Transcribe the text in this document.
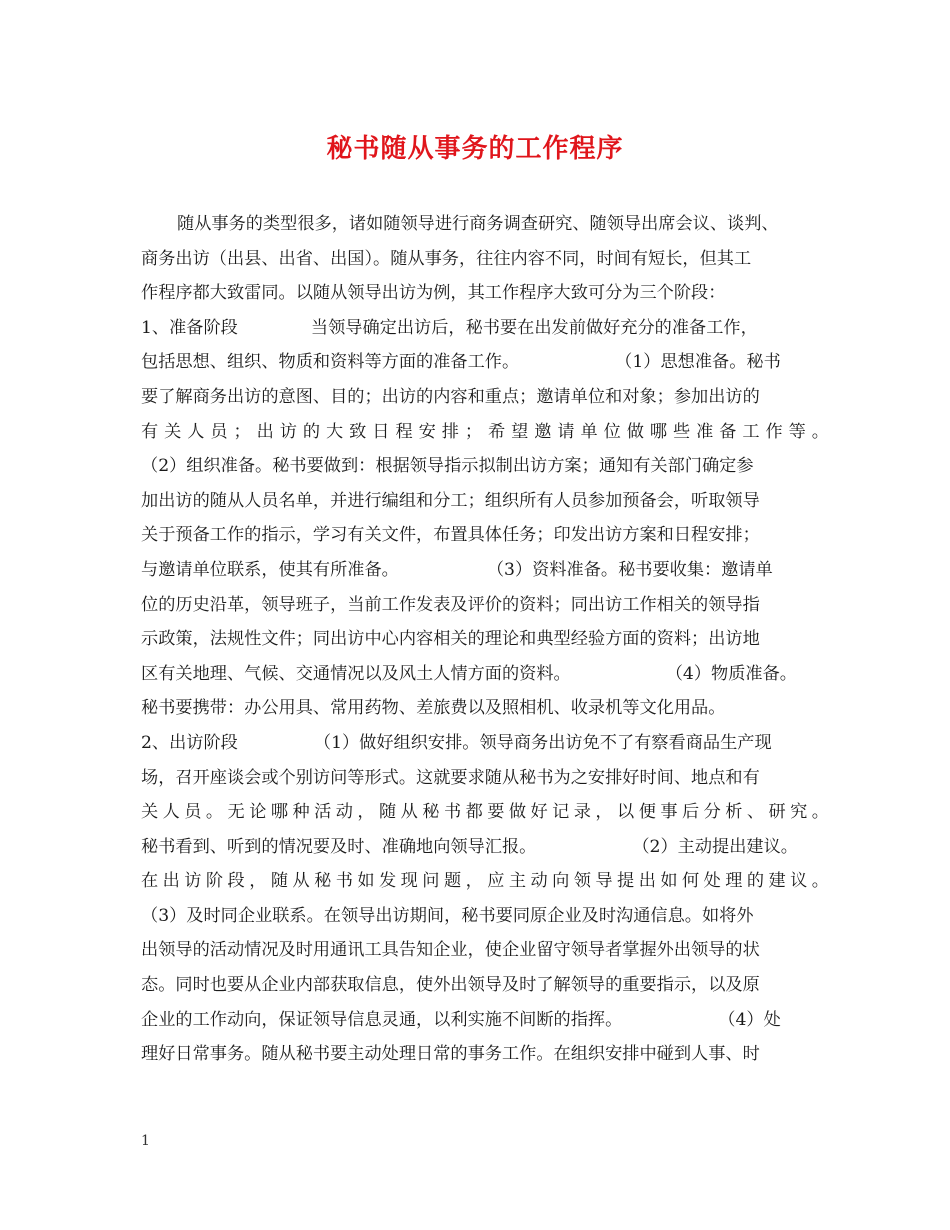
秘书随从事务的工作程序
随从事务的类型很多，诸如随领导进行商务调查研究、随领导出席会议、谈判、
商务出访（出县、出省、出国）。随从事务，往往内容不同，时间有短长，但其工
作程序都大致雷同。以随从领导出访为例，其工作程序大致可分为三个阶段：
1、准备阶段	当领导确定出访后，秘书要在出发前做好充分的准备工作，
包括思想、组织、物质和资料等方面的准备工作。	（1）思想准备。秘书
要了解商务出访的意图、目的；出访的内容和重点；邀请单位和对象；参加出访的
有关人员；出访的大致日程安排；希望邀请单位做哪些准备工作等。
（2）组织准备。秘书要做到：根据领导指示拟制出访方案；通知有关部门确定参
加出访的随从人员名单，并进行编组和分工；组织所有人员参加预备会，听取领导
关于预备工作的指示，学习有关文件，布置具体任务；印发出访方案和日程安排；
与邀请单位联系，使其有所准备。	（3）资料准备。秘书要收集：邀请单
位的历史沿革，领导班子，当前工作发表及评价的资料；同出访工作相关的领导指
示政策，法规性文件；同出访中心内容相关的理论和典型经验方面的资料；出访地
区有关地理、气候、交通情况以及风土人情方面的资料。	（4）物质准备。
秘书要携带：办公用具、常用药物、差旅费以及照相机、收录机等文化用品。
2、出访阶段	（1）做好组织安排。领导商务出访免不了有察看商品生产现
场，召开座谈会或个别访问等形式。这就要求随从秘书为之安排好时间、地点和有
关人员。无论哪种活动，随从秘书都要做好记录，以便事后分析、研究。
秘书看到、听到的情况要及时、准确地向领导汇报。	（2）主动提出建议。
在出访阶段，随从秘书如发现问题，应主动向领导提出如何处理的建议。
（3）及时同企业联系。在领导出访期间，秘书要同原企业及时沟通信息。如将外
出领导的活动情况及时用通讯工具告知企业，使企业留守领导者掌握外出领导的状
态。同时也要从企业内部获取信息，使外出领导及时了解领导的重要指示，以及原
企业的工作动向，保证领导信息灵通，以利实施不间断的指挥。	（4）处
理好日常事务。随从秘书要主动处理日常的事务工作。在组织安排中碰到人事、时
1
